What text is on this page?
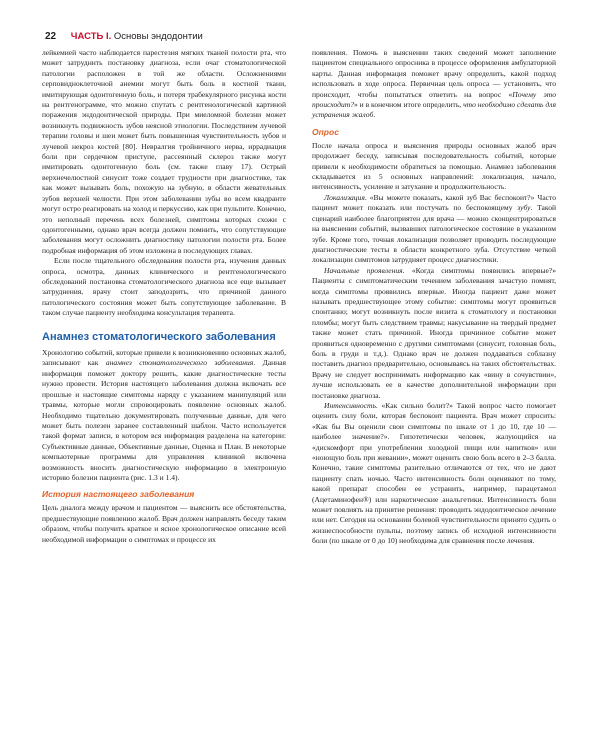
22 ЧАСТЬ I. Основы эндодонтии

лейкемией часто наблюдается парестезия мягких тканей полости рта, что может затруднить постановку диагноза, если очаг стоматологической патологии расположен в той же области. Осложнениями серповидноклеточной анемии могут быть боль в костной ткани, имитирующая одонтогенную боль, и потеря трабекулярного рисунка кости на рентгенограмме, что можно спутать с рентгенологической картиной поражения эндодонтической природы. При миеломной болезни может возникнуть подвижность зубов неясной этиологии. Последствием лучевой терапии головы и шеи может быть повышенная чувствительность зубов и лучевой некроз костей [80]. Невралгия тройничного нерва, иррадиация боли при сердечном приступе, рассеянный склероз также могут имитировать одонтогенную боль (см. также главу 17). Острый верхнечелюстной синусит тоже создает трудности при диагностике, так как может вызывать боль, похожую на зубную, в области жевательных зубов верхней челюсти. При этом заболевании зубы во всем квадранте могут остро реагировать на холод и перкуссию, как при пульпите. Конечно, это неполный перечень всех болезней, симптомы которых схожи с одонтогенными, однако врач всегда должен помнить, что сопутствующие заболевания могут осложнить диагностику патологии полости рта. Более подробная информация об этом изложена в последующих главах.

Если после тщательного обследования полости рта, изучения данных опроса, осмотра, данных клинического и рентгенологического обследований постановка стоматологического диагноза все еще вызывает затруднения, врачу стоит заподозрить, что причиной данного патологического состояния может быть сопутствующее заболевание. В таком случае пациенту необходима консультация терапевта.

Анамнез стоматологического заболевания

Хронологию событий, которые привели к возникновению основных жалоб, записывают как анамнез стоматологического заболевания. Данная информация поможет доктору решить, какие диагностические тесты нужно провести. История настоящего заболевания должна включать все прошлые и настоящие симптомы наряду с указанием манипуляций или травмы, которые могли спровоцировать появление основных жалоб. Необходимо тщательно документировать полученные данные, для чего может быть полезен заранее составленный шаблон. Часто используется такой формат записи, в котором вся информация разделена на категории: Субъективные данные, Объективные данные, Оценка и План. В некоторые компьютерные программы для управления клиникой включена возможность вносить диагностическую информацию в электронную историю болезни пациента (рис. 1.3 и 1.4).

История настоящего заболевания

Цель диалога между врачом и пациентом — выяснить все обстоятельства, предшествующие появлению жалоб. Врач должен направлять беседу таким образом, чтобы получить краткое и ясное хронологическое описание всей необходимой информации о симптомах и процессе их

появления. Помочь в выяснении таких сведений может заполнение пациентом специального опросника в процессе оформления амбулаторной карты. Данная информация поможет врачу определить, какой подход использовать в ходе опроса. Первичная цель опроса — установить, что происходит, чтобы попытаться ответить на вопрос «Почему это происходит?» и в конечном итоге определить, что необходимо сделать для устранения жалоб.

Опрос

После начала опроса и выяснения природы основных жалоб врач продолжает беседу, записывая последовательность событий, которые привели к необходимости обратиться за помощью. Анамнез заболевания складывается из 5 основных направлений: локализация, начало, интенсивность, усиление и затухание и продолжительность.

Локализация. «Вы можете показать, какой зуб Вас беспокоит?» Часто пациент может показать или постучать по беспокоящему зубу. Такой сценарий наиболее благоприятен для врача — можно сконцентрироваться на выяснении событий, вызвавших патологическое состояние в указанном зубе. Кроме того, точная локализация позволяет проводить последующие диагностические тесты в области конкретного зуба. Отсутствие четкой локализации симптомов затрудняет процесс диагностики.

Начальные проявления. «Когда симптомы появились впервые?» Пациенты с симптоматическим течением заболевания зачастую помнят, когда симптомы проявились впервые. Иногда пациент даже может называть предшествующее этому событие: симптомы могут проявиться спонтанно; могут возникнуть после визита к стоматологу и постановки пломбы; могут быть следствием травмы; накусывание на твердый предмет также может стать причиной. Иногда причинное событие может проявиться одновременно с другими симптомами (синусит, головная боль, боль в груди и т.д.). Однако врач не должен поддаваться соблазну поставить диагноз предварительно, основываясь на таких обстоятельствах. Врачу не следует воспринимать информацию как «вину в сочувствии», лучше использовать ее в качестве дополнительной информации при постановке диагноза.

Интенсивность. «Как сильно болит?» Такой вопрос часто помогает оценить силу боли, которая беспокоит пациента. Врач может спросить: «Как бы Вы оценили свои симптомы по шкале от 1 до 10, где 10 — наиболее значение?». Гипотетически человек, жалующийся на «дискомфорт при употреблении холодной пищи или напитков» или «ноющую боль при жевании», может оценить свою боль всего в 2–3 балла. Конечно, такие симптомы разительно отличаются от тех, что не дают пациенту спать ночью. Часто интенсивность боли оценивают по тому, какой препарат способен ее устранить, например, парацетамол (Ацетаминофен®) или наркотические анальгетики. Интенсивность боли может повлиять на принятие решения: проводить эндодонтическое лечение или нет. Сегодня на основании болевой чувствительности принято судить о жизнеспособности пульпы, поэтому запись об исходной интенсивности боли (по шкале от 0 до 10) необходима для сравнения после лечения.
